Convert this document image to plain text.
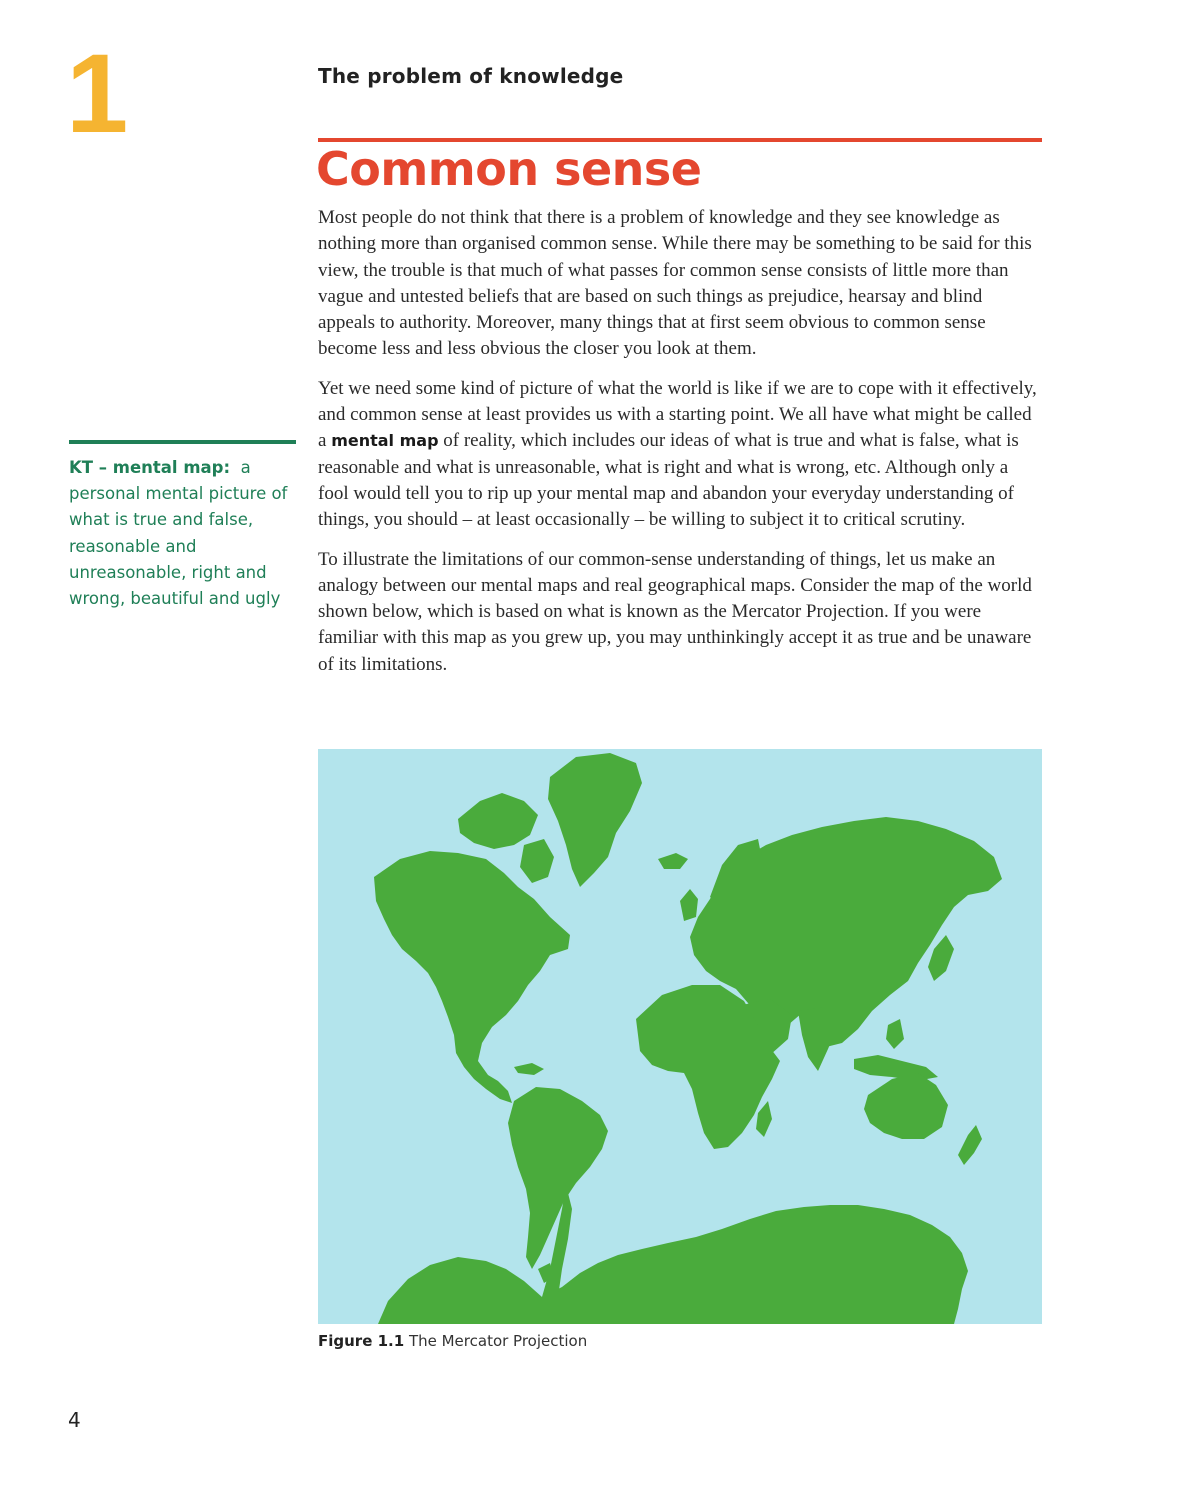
1	The problem of knowledge
Common sense

Most people do not think that there is a problem of knowledge and they see knowledge as nothing more than organised common sense. While there may be something to be said for this view, the trouble is that much of what passes for common sense consists of little more than vague and untested beliefs that are based on such things as prejudice, hearsay and blind appeals to authority. Moreover, many things that at first seem obvious to common sense become less and less obvious the closer you look at them.

Yet we need some kind of picture of what the world is like if we are to cope with it effectively, and common sense at least provides us with a starting point. We all have what might be called a mental map of reality, which includes our ideas of what is true and what is false, what is reasonable and what is unreasonable, what is right and what is wrong, etc. Although only a fool would tell you to rip up your mental map and abandon your everyday understanding of things, you should – at least occasionally – be willing to subject it to critical scrutiny.

To illustrate the limitations of our common-sense understanding of things, let us make an analogy between our mental maps and real geographical maps. Consider the map of the world shown below, which is based on what is known as the Mercator Projection. If you were familiar with this map as you grew up, you may unthinkingly accept it as true and be unaware of its limitations.

KT – mental map: a personal mental picture of what is true and false, reasonable and unreasonable, right and wrong, beautiful and ugly
Figure 1.1 The Mercator Projection
4
